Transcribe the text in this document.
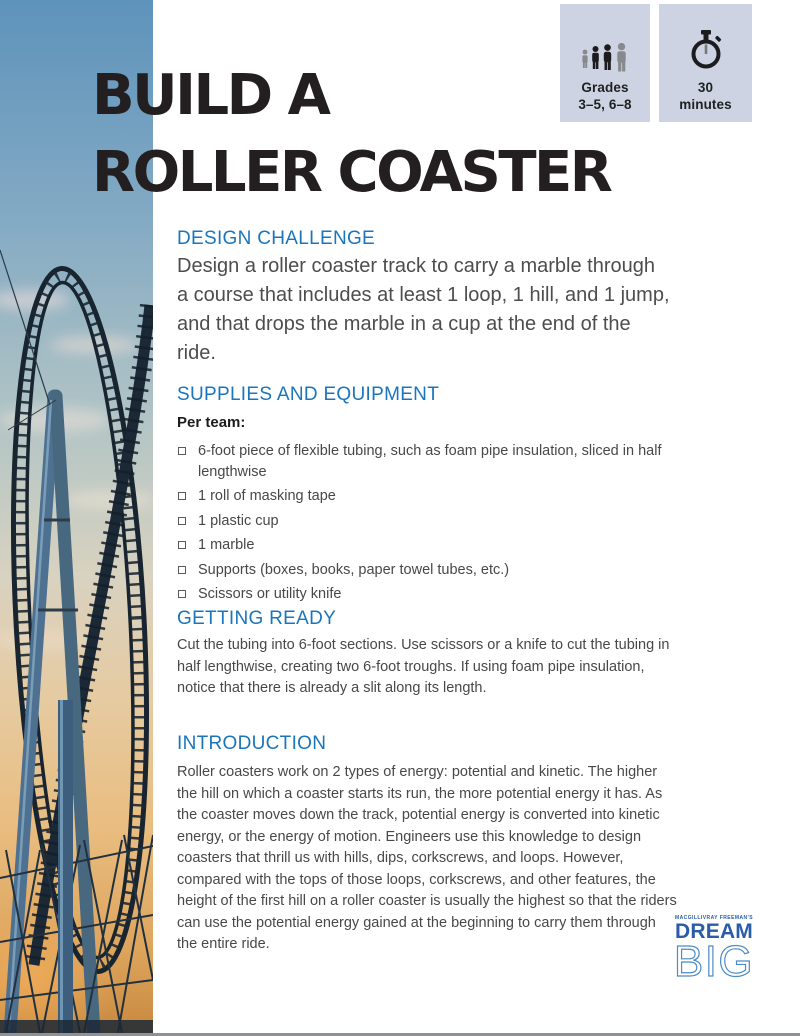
BUILD A
ROLLER COASTER
Grades
3–5, 6–8
30
minutes
DESIGN CHALLENGE

Design a roller coaster track to carry a marble through a course that includes at least 1 loop, 1 hill, and 1 jump, and that drops the marble in a cup at the end of the ride.

SUPPLIES AND EQUIPMENT

Per team:

6-foot piece of flexible tubing, such as foam pipe insulation, sliced in half lengthwise
1 roll of masking tape
1 plastic cup
1 marble
Supports (boxes, books, paper towel tubes, etc.)
Scissors or utility knife
GETTING READY

Cut the tubing into 6-foot sections. Use scissors or a knife to cut the tubing in half lengthwise, creating two 6-foot troughs. If using foam pipe insulation, notice that there is already a slit along its length.

INTRODUCTION

Roller coasters work on 2 types of energy: potential and kinetic. The higher the hill on which a coaster starts its run, the more potential energy it has. As the coaster moves down the track, potential energy is converted into kinetic energy, or the energy of motion. Engineers use this knowledge to design coasters that thrill us with hills, dips, corkscrews, and loops. However, compared with the tops of those loops, corkscrews, and other features, the height of the first hill on a roller coaster is usually the highest so that the riders can use the potential energy gained at the beginning to carry them through the entire ride.

MACGILLIVRAY FREEMAN'S
DREAM
BIG
